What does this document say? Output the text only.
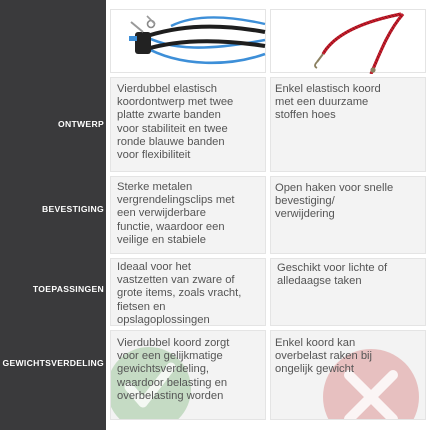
ONTWERP
BEVESTIGING
TOEPASSINGEN
GEWICHTSVERDELING
Vierdubbel elastisch
koordontwerp met twee
platte zwarte banden
voor stabiliteit en twee
ronde blauwe banden
voor flexibiliteit
Enkel elastisch koord
met een duurzame
stoffen hoes
Sterke metalen
vergrendelingsclips met
een verwijderbare
functie, waardoor een
veilige en stabiele
Open haken voor snelle
bevestiging/
verwijdering
Ideaal voor het
vastzetten van zware of
grote items, zoals vracht,
fietsen en
opslagoplossingen
Geschikt voor lichte of
alledaagse taken
Vierdubbel koord zorgt
voor een gelijkmatige
gewichtsverdeling,
waardoor belasting en
overbelasting worden
Enkel koord kan
overbelast raken bij
ongelijk gewicht
